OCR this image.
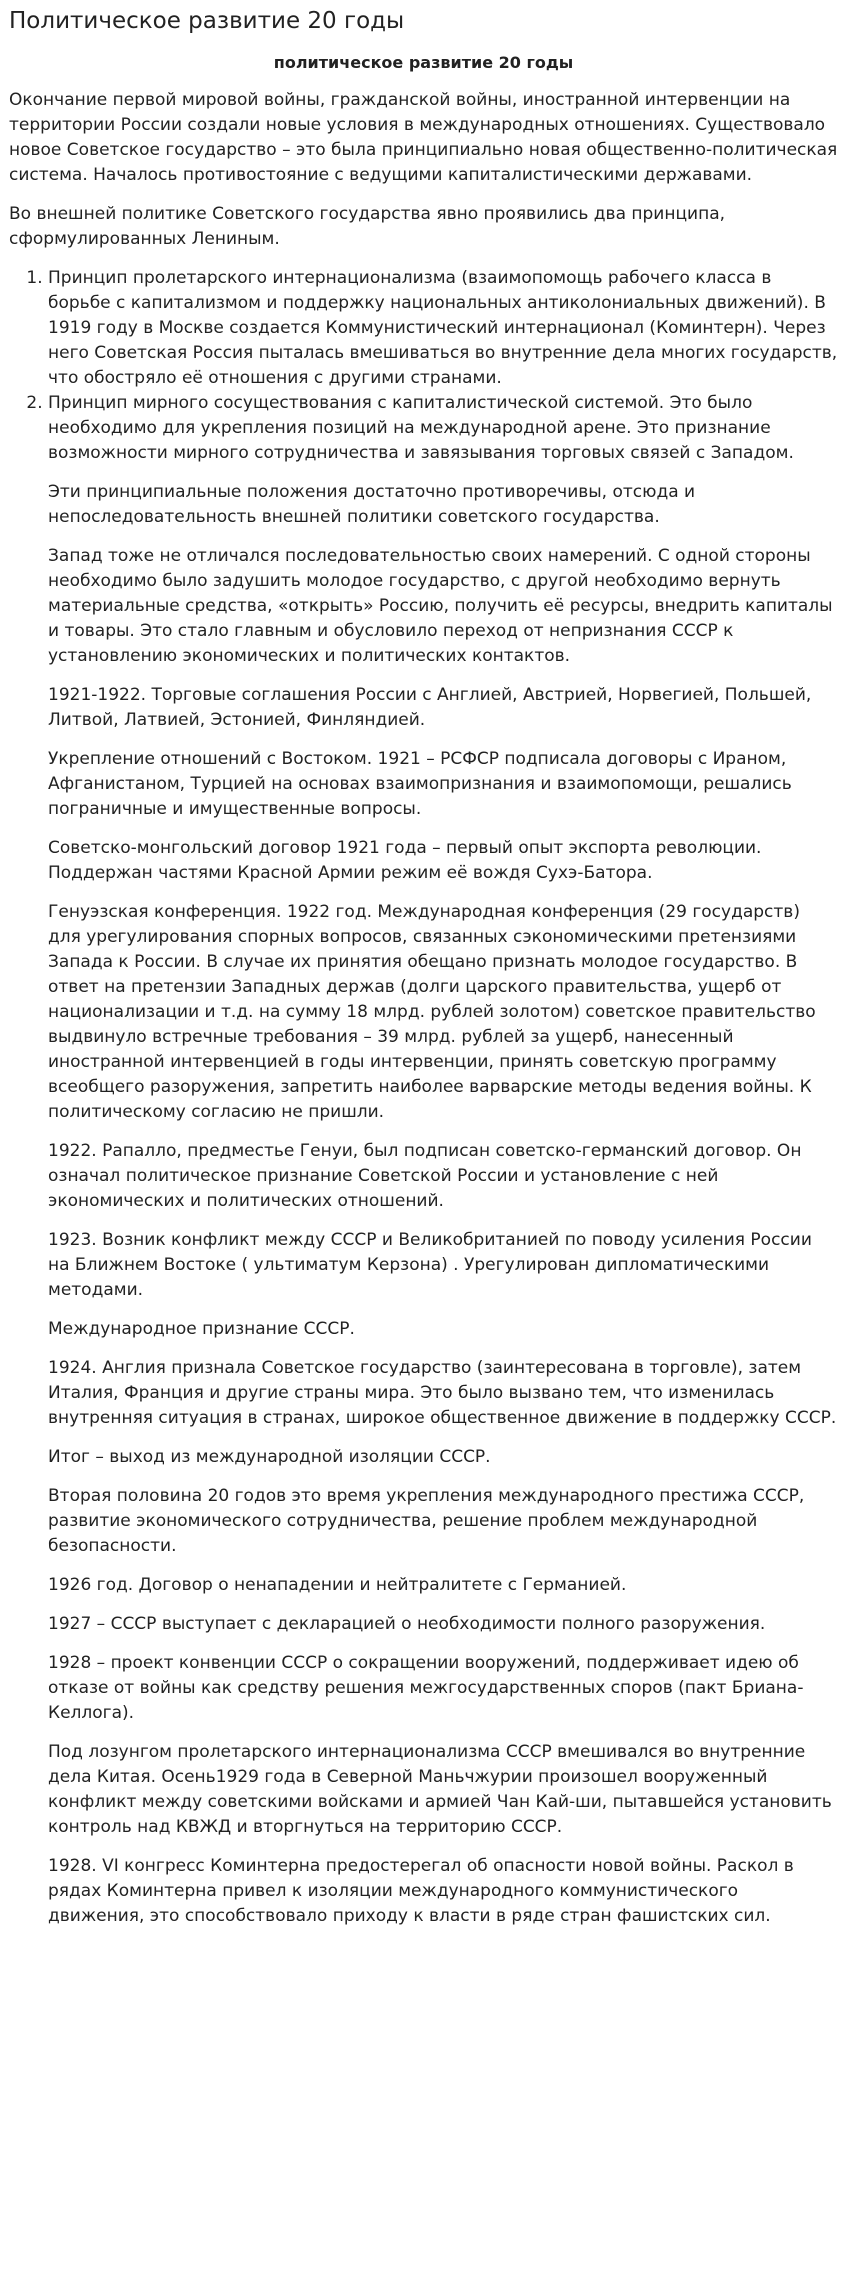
Политическое развитие 20 годы
политическое развитие 20 годы

Окончание первой мировой войны, гражданской войны, иностранной интервенции на территории России создали новые условия в международных отношениях. Существовало новое Советское государство – это была принципиально новая общественно-политическая система. Началось противостояние с ведущими капиталистическими державами.

Во внешней политике Советского государства явно проявились два принципа, сформулированных Лениным.

1. Принцип пролетарского интернационализма (взаимопомощь рабочего класса в борьбе с капитализмом и поддержку национальных антиколониальных движений). В 1919 году в Москве создается Коммунистический интернационал (Коминтерн). Через него Советская Россия пыталась вмешиваться во внутренние дела многих государств, что обостряло её отношения с другими странами.
2. Принцип мирного сосуществования с капиталистической системой. Это было необходимо для укрепления позиций на международной арене. Это признание возможности мирного сотрудничества и завязывания торговых связей с Западом.

Эти принципиальные положения достаточно противоречивы, отсюда и непоследовательность внешней политики советского государства.

Запад тоже не отличался последовательностью своих намерений. С одной стороны необходимо было задушить молодое государство, с другой необходимо вернуть материальные средства, «открыть» Россию, получить её ресурсы, внедрить капиталы и товары. Это стало главным и обусловило переход от непризнания СССР к установлению экономических и политических контактов.

1921-1922. Торговые соглашения России с Англией, Австрией, Норвегией, Польшей, Литвой, Латвией, Эстонией, Финляндией.

Укрепление отношений с Востоком. 1921 – РСФСР подписала договоры с Ираном, Афганистаном, Турцией на основах взаимопризнания и взаимопомощи, решались пограничные и имущественные вопросы.

Советско-монгольский договор 1921 года – первый опыт экспорта революции. Поддержан частями Красной Армии режим её вождя Сухэ-Батора.

Генуэзская конференция. 1922 год. Международная конференция (29 государств) для урегулирования спорных вопросов, связанных сэкономическими претензиями Запада к России. В случае их принятия обещано признать молодое государство. В ответ на претензии Западных держав (долги царского правительства, ущерб от национализации и т.д. на сумму 18 млрд. рублей золотом) советское правительство выдвинуло встречные требования – 39 млрд. рублей за ущерб, нанесенный иностранной интервенцией в годы интервенции, принять советскую программу всеобщего разоружения, запретить наиболее варварские методы ведения войны. К политическому согласию не пришли.

1922. Рапалло, предместье Генуи, был подписан советско-германский договор. Он означал политическое признание Советской России и установление с ней экономических и политических отношений.

1923. Возник конфликт между СССР и Великобританией по поводу усиления России на Ближнем Востоке ( ультиматум Керзона) . Урегулирован дипломатическими методами.

Международное признание СССР.

1924. Англия признала Советское государство (заинтересована в торговле), затем Италия, Франция и другие страны мира. Это было вызвано тем, что изменилась внутренняя ситуация в странах, широкое общественное движение в поддержку СССР.

Итог – выход из международной изоляции СССР.

Вторая половина 20 годов это время укрепления международного престижа СССР, развитие экономического сотрудничества, решение проблем международной безопасности.

1926 год. Договор о ненападении и нейтралитете с Германией.

1927 – СССР выступает с декларацией о необходимости полного разоружения.

1928 – проект конвенции СССР о сокращении вооружений, поддерживает идею об отказе от войны как средству решения межгосударственных споров (пакт Бриана-Келлога).

Под лозунгом пролетарского интернационализма СССР вмешивался во внутренние дела Китая. Осень1929 года в Северной Маньчжурии произошел вооруженный конфликт между советскими войсками и армией Чан Кай-ши, пытавшейся установить контроль над КВЖД и вторгнуться на территорию СССР.

1928. VI конгресс Коминтерна предостерегал об опасности новой войны. Раскол в рядах Коминтерна привел к изоляции международного коммунистического движения, это способствовало приходу к власти в ряде стран фашистских сил.
